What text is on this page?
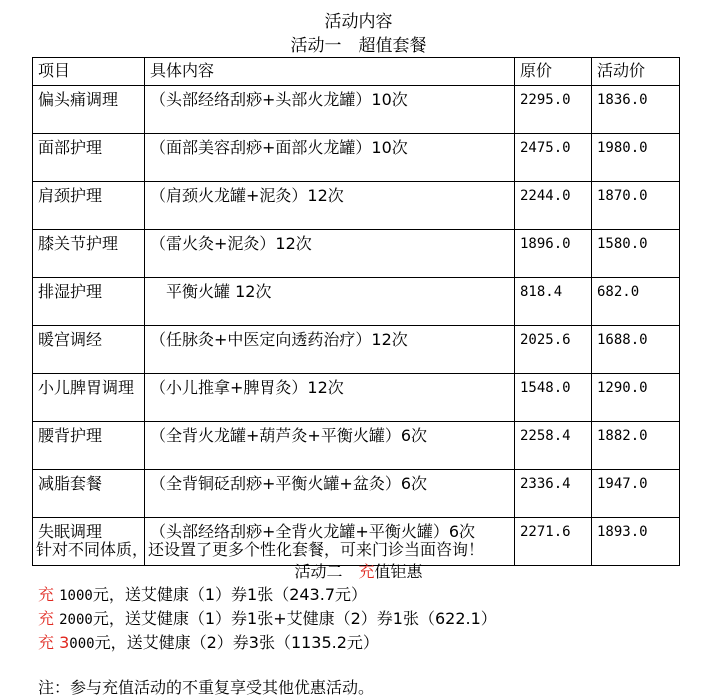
活动内容
活动一　超值套餐
项目	具体内容	原价	活动价
偏头痛调理	（头部经络刮痧+头部火龙罐）10次	2295.0	1836.0
面部护理	（面部美容刮痧+面部火龙罐）10次	2475.0	1980.0
肩颈护理	（肩颈火龙罐+泥灸）12次	2244.0	1870.0
膝关节护理	（雷火灸+泥灸）12次	1896.0	1580.0
排湿护理	　平衡火罐 12次	818.4	682.0
暖宫调经	（任脉灸+中医定向透药治疗）12次	2025.6	1688.0
小儿脾胃调理	（小儿推拿+脾胃灸）12次	1548.0	1290.0
腰背护理	（全背火龙罐+葫芦灸+平衡火罐）6次	2258.4	1882.0
减脂套餐	（全背铜砭刮痧+平衡火罐+盆灸）6次	2336.4	1947.0
失眠调理	（头部经络刮痧+全背火龙罐+平衡火罐）6次	2271.6	1893.0
针对不同体质，还设置了更多个性化套餐，可来门诊当面咨询！
活动二　充值钜惠
充 1000元，送艾健康（1）券1张（243.7元）
充 2000元，送艾健康（1）券1张+艾健康（2）券1张（622.1）
充 3000元，送艾健康（2）券3张（1135.2元）
注：参与充值活动的不重复享受其他优惠活动。
